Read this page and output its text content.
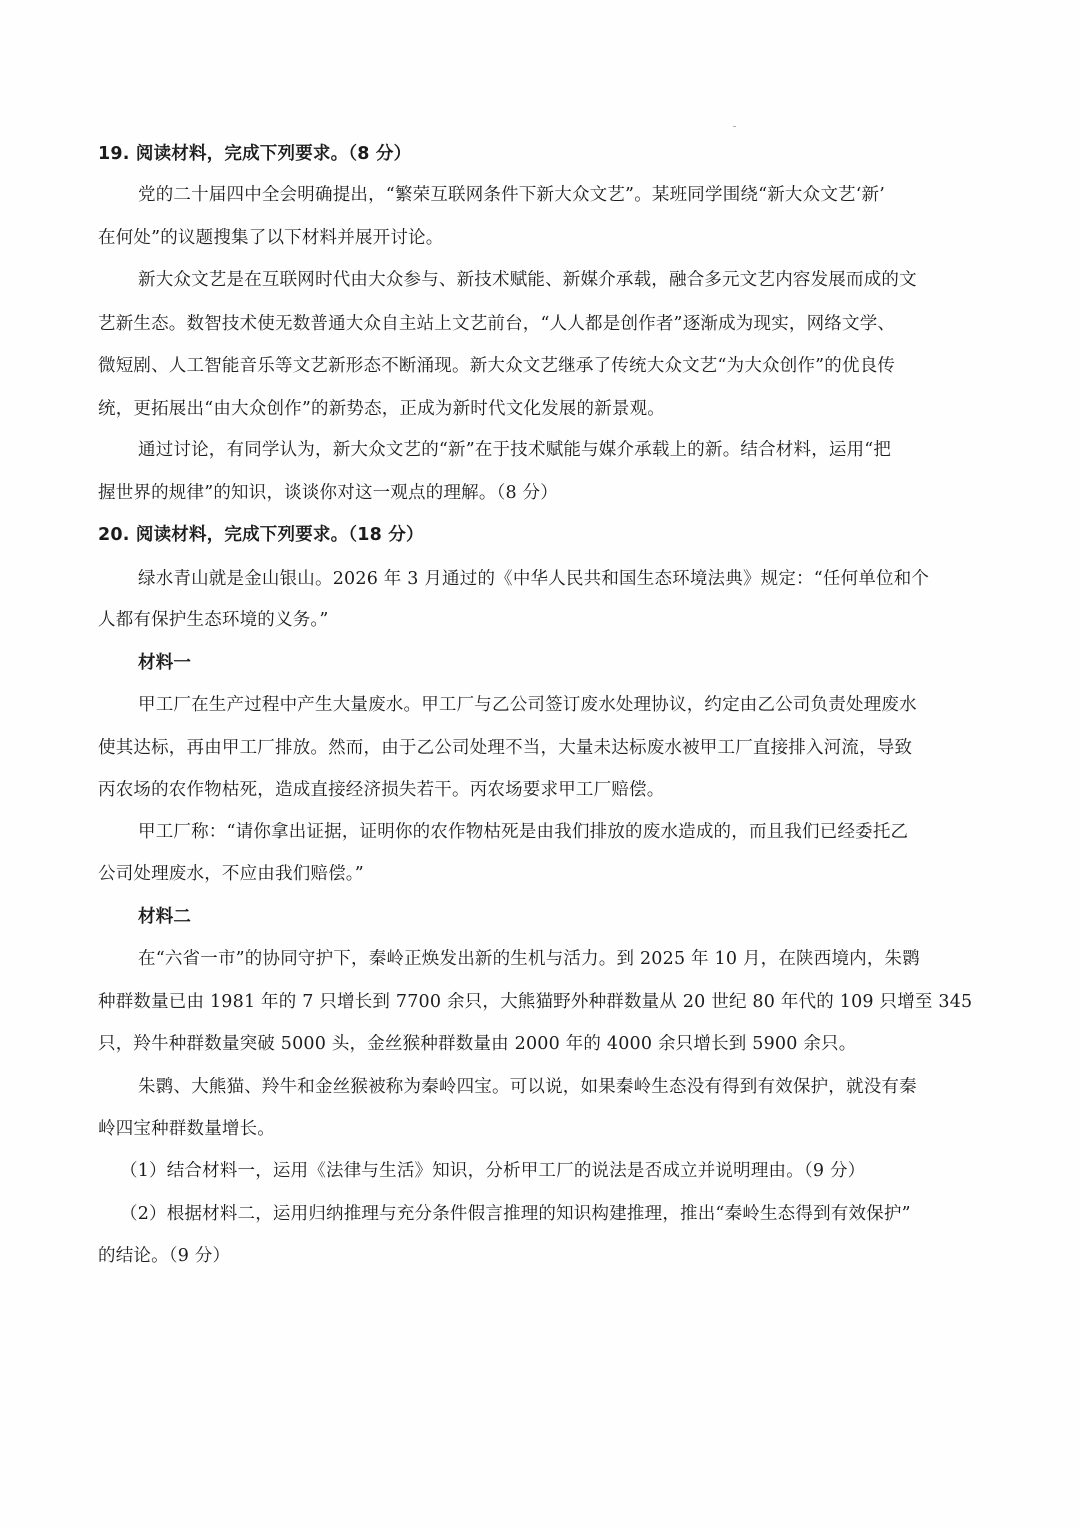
19. 阅读材料，完成下列要求。（8 分）
党的二十届四中全会明确提出，“繁荣互联网条件下新大众文艺”。某班同学围绕“新大众文艺‘新’
在何处”的议题搜集了以下材料并展开讨论。
新大众文艺是在互联网时代由大众参与、新技术赋能、新媒介承载，融合多元文艺内容发展而成的文
艺新生态。数智技术使无数普通大众自主站上文艺前台，“人人都是创作者”逐渐成为现实，网络文学、
微短剧、人工智能音乐等文艺新形态不断涌现。新大众文艺继承了传统大众文艺“为大众创作”的优良传
统，更拓展出“由大众创作”的新势态，正成为新时代文化发展的新景观。
通过讨论，有同学认为，新大众文艺的“新”在于技术赋能与媒介承载上的新。结合材料，运用“把
握世界的规律”的知识，谈谈你对这一观点的理解。（8 分）
20. 阅读材料，完成下列要求。（18 分）
绿水青山就是金山银山。2026 年 3 月通过的《中华人民共和国生态环境法典》规定：“任何单位和个
人都有保护生态环境的义务。”
材料一
甲工厂在生产过程中产生大量废水。甲工厂与乙公司签订废水处理协议，约定由乙公司负责处理废水
使其达标，再由甲工厂排放。然而，由于乙公司处理不当，大量未达标废水被甲工厂直接排入河流，导致
丙农场的农作物枯死，造成直接经济损失若干。丙农场要求甲工厂赔偿。
甲工厂称：“请你拿出证据，证明你的农作物枯死是由我们排放的废水造成的，而且我们已经委托乙
公司处理废水，不应由我们赔偿。”
材料二
在“六省一市”的协同守护下，秦岭正焕发出新的生机与活力。到 2025 年 10 月，在陕西境内，朱鹮
种群数量已由 1981 年的 7 只增长到 7700 余只，大熊猫野外种群数量从 20 世纪 80 年代的 109 只增至 345
只，羚牛种群数量突破 5000 头，金丝猴种群数量由 2000 年的 4000 余只增长到 5900 余只。
朱鹮、大熊猫、羚牛和金丝猴被称为秦岭四宝。可以说，如果秦岭生态没有得到有效保护，就没有秦
岭四宝种群数量增长。
（1）结合材料一，运用《法律与生活》知识，分析甲工厂的说法是否成立并说明理由。（9 分）
（2）根据材料二，运用归纳推理与充分条件假言推理的知识构建推理，推出“秦岭生态得到有效保护”
的结论。（9 分）
